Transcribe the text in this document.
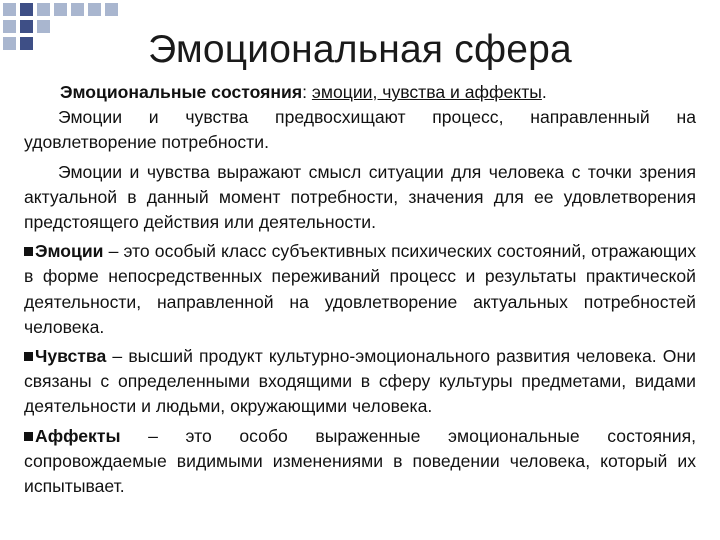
Эмоциональная сфера

Эмоциональные состояния: эмоции, чувства и аффекты.

Эмоции и чувства предвосхищают процесс, направленный на удовлетворение потребности.

Эмоции и чувства выражают смысл ситуации для человека с точки зрения актуальной в данный момент потребности, значения для ее удовлетворения предстоящего действия или деятельности.

Эмоции – это особый класс субъективных психических состояний, отражающих в форме непосредственных переживаний процесс и результаты практической деятельности, направленной на удовлетворение актуальных потребностей человека.

Чувства – высший продукт культурно-эмоционального развития человека. Они связаны с определенными входящими в сферу культуры предметами, видами деятельности и людьми, окружающими человека.

Аффекты – это особо выраженные эмоциональные состояния, сопровождаемые видимыми изменениями в поведении человека, который их испытывает.
